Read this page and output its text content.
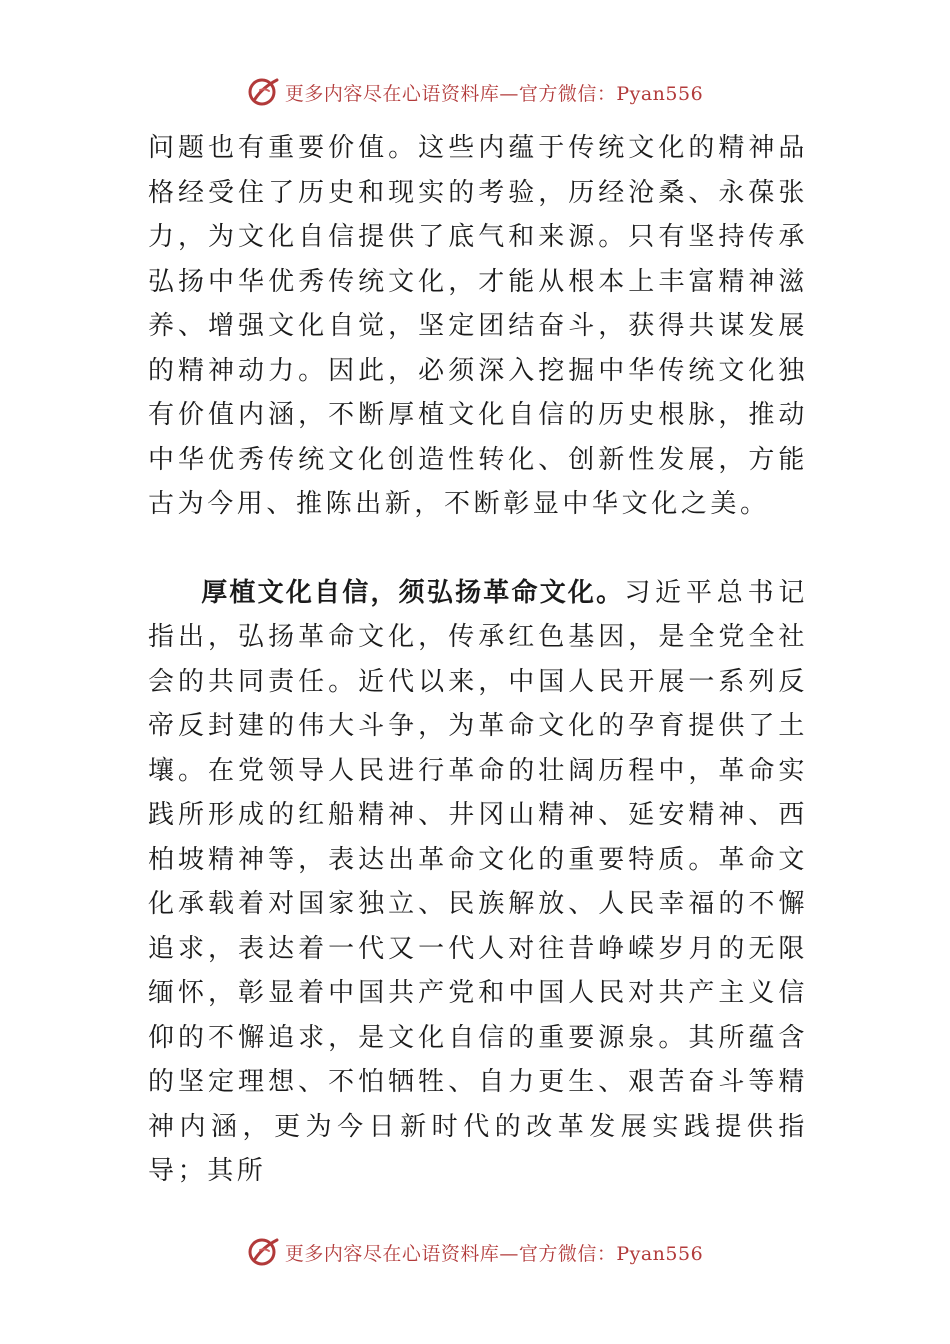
更多内容尽在心语资料库—官方微信：Pyan556

问题也有重要价值。这些内蕴于传统文化的精神品格经受住了历史和现实的考验，历经沧桑、永葆张力，为文化自信提供了底气和来源。只有坚持传承弘扬中华优秀传统文化，才能从根本上丰富精神滋养、增强文化自觉，坚定团结奋斗，获得共谋发展的精神动力。因此，必须深入挖掘中华传统文化独有价值内涵，不断厚植文化自信的历史根脉，推动中华优秀传统文化创造性转化、创新性发展，方能古为今用、推陈出新，不断彰显中华文化之美。

厚植文化自信，须弘扬革命文化。习近平总书记指出，弘扬革命文化，传承红色基因，是全党全社会的共同责任。近代以来，中国人民开展一系列反帝反封建的伟大斗争，为革命文化的孕育提供了土壤。在党领导人民进行革命的壮阔历程中，革命实践所形成的红船精神、井冈山精神、延安精神、西柏坡精神等，表达出革命文化的重要特质。革命文化承载着对国家独立、民族解放、人民幸福的不懈追求，表达着一代又一代人对往昔峥嵘岁月的无限缅怀，彰显着中国共产党和中国人民对共产主义信仰的不懈追求，是文化自信的重要源泉。其所蕴含的坚定理想、不怕牺牲、自力更生、艰苦奋斗等精神内涵，更为今日新时代的改革发展实践提供指导；其所

更多内容尽在心语资料库—官方微信：Pyan556
